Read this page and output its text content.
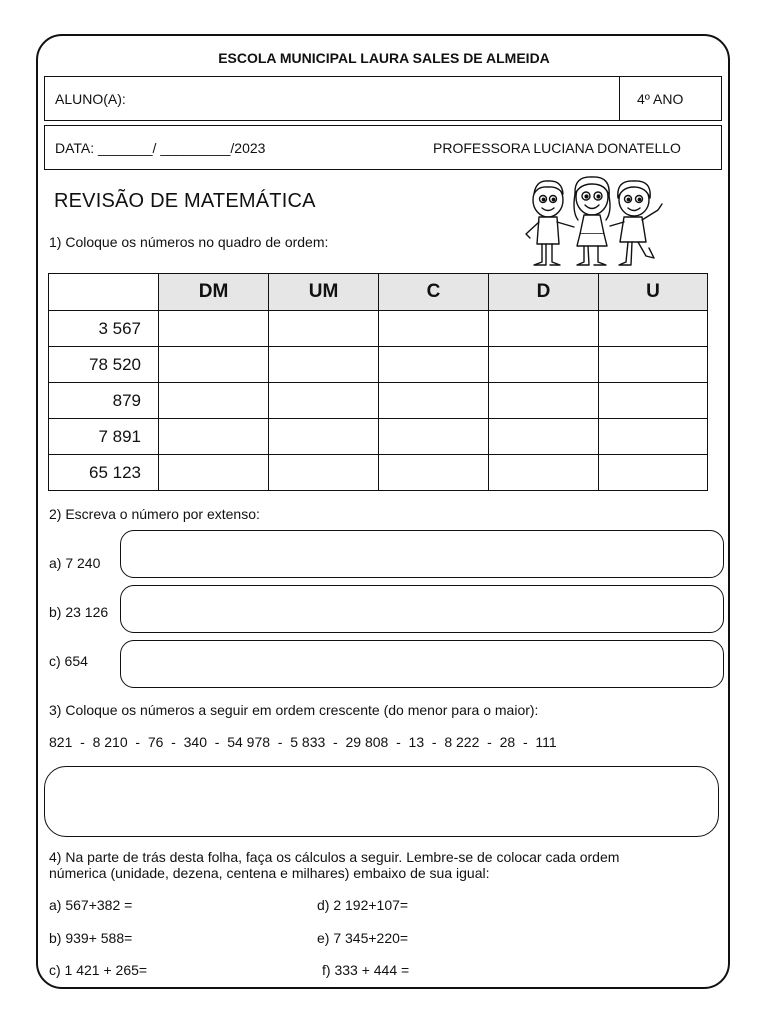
ESCOLA MUNICIPAL LAURA SALES DE ALMEIDA
ALUNO(A):	4º ANO
DATA: _______/ _________/2023	PROFESSORA LUCIANA DONATELLO
REVISÃO DE MATEMÁTICA
1) Coloque os números no quadro de ordem:
	DM	UM	C	D	U
3 567					
78 520					
879					
7 891					
65 123					
2) Escreva o número por extenso:
a) 7 240
b) 23 126
c) 654
3) Coloque os números a seguir em ordem crescente (do menor para o maior):
821  -  8 210  -  76  -  340  -  54 978  -  5 833  -  29 808  -  13  -  8 222  -  28  -  111
4) Na parte de trás desta folha, faça os cálculos a seguir. Lembre-se de colocar cada ordem
númerica (unidade, dezena, centena e milhares) embaixo de sua igual:
a) 567+382 =
b) 939+ 588=
c) 1 421 + 265=
d) 2 192+107=
e) 7 345+220=
f) 333 + 444 =
